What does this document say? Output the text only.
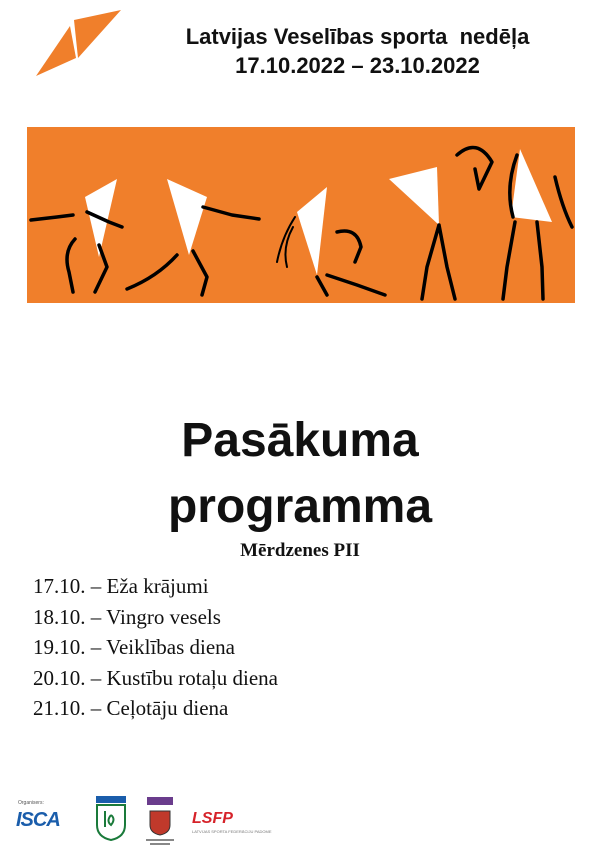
Latvijas Veselības sporta  nedēļa
17.10.2022 – 23.10.2022
Pasākuma
programma
Mērdzenes PII
17.10. – Eža krājumi
18.10. – Vingro vesels
19.10. – Veiklības diena
20.10. – Kustību rotaļu diena
21.10. – Ceļotāju diena
Organisers:
ISCA	LSFP
LATVIJAS SPORTA FEDERĀCIJU PADOME
